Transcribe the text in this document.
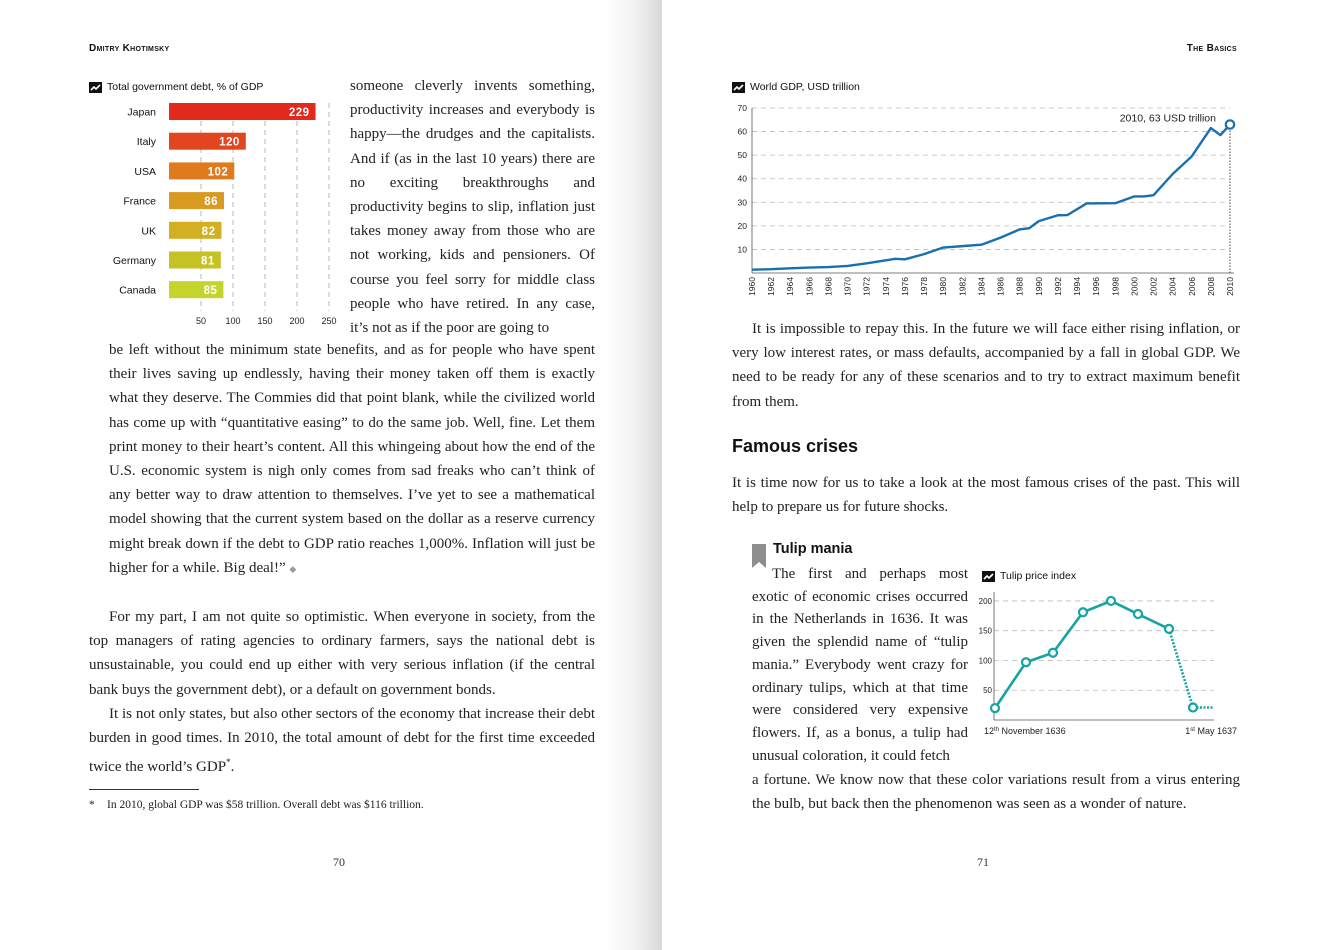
Dmitry Khotimsky
Total government debt, % of GDP
50 100 150 200 250
Japan	229
Italy	120
USA	102
France	86
UK	82
Germany	81
Canada	85

someone cleverly invents something, productivity increases and everybody is happy—the drudges and the capitalists. And if (as in the last 10 years) there are no exciting breakthroughs and productivity begins to slip, inflation just takes money away from those who are not working, kids and pensioners. Of course you feel sorry for middle class people who have retired. In any case, it’s not as if the poor are going to

be left without the minimum state benefits, and as for people who have spent their lives saving up endlessly, having their money taken off them is exactly what they deserve. The Commies did that point blank, while the civilized world has come up with “quantitative easing” to do the same job. Well, fine. Let them print money to their heart’s content. All this whingeing about how the end of the U.S. economic system is nigh only comes from sad freaks who can’t think of any better way to draw attention to themselves. I’ve yet to see a mathematical model showing that the current system based on the dollar as a reserve currency might break down if the debt to GDP ratio reaches 1,000%. Inflation will just be higher for a while. Big deal!” ◆

For my part, I am not quite so optimistic. When everyone in society, from the top managers of rating agencies to ordinary farmers, says the national debt is unsustainable, you could end up either with very serious inflation (if the central bank buys the government debt), or a default on government bonds.

It is not only states, but also other sectors of the economy that increase their debt burden in good times. In 2010, the total amount of debt for the first time exceeded twice the world’s GDP*.

* In 2010, global GDP was $58 trillion. Overall debt was $116 trillion.
70
The Basics
World GDP, USD trillion
10
20
30
40
50
60
70
1960 1962 1964 1966 1968 1970 1972 1974 1976 1978 1980 1982 1984 1986 1988 1990 1992 1994 1996 1998 2000 2002 2004 2006 2008 2010
2010, 63 USD trillion

It is impossible to repay this. In the future we will face either rising inflation, or very low interest rates, or mass defaults, accompanied by a fall in global GDP. We need to be ready for any of these scenarios and to try to extract maximum benefit from them.

Famous crises

It is time now for us to take a look at the most famous crises of the past. This will help to prepare us for future shocks.

Tulip mania

The first and perhaps most exotic of economic crises occurred in the Netherlands in 1636. It was given the splendid name of “tulip mania.” Everybody went crazy for ordinary tulips, which at that time were considered very expensive flowers. If, as a bonus, a tulip had unusual coloration, it could fetch

Tulip price index
50
100
150
200
12th November 1636	1st May 1637

a fortune. We know now that these color variations result from a virus entering the bulb, but back then the phenomenon was seen as a wonder of nature.

71
